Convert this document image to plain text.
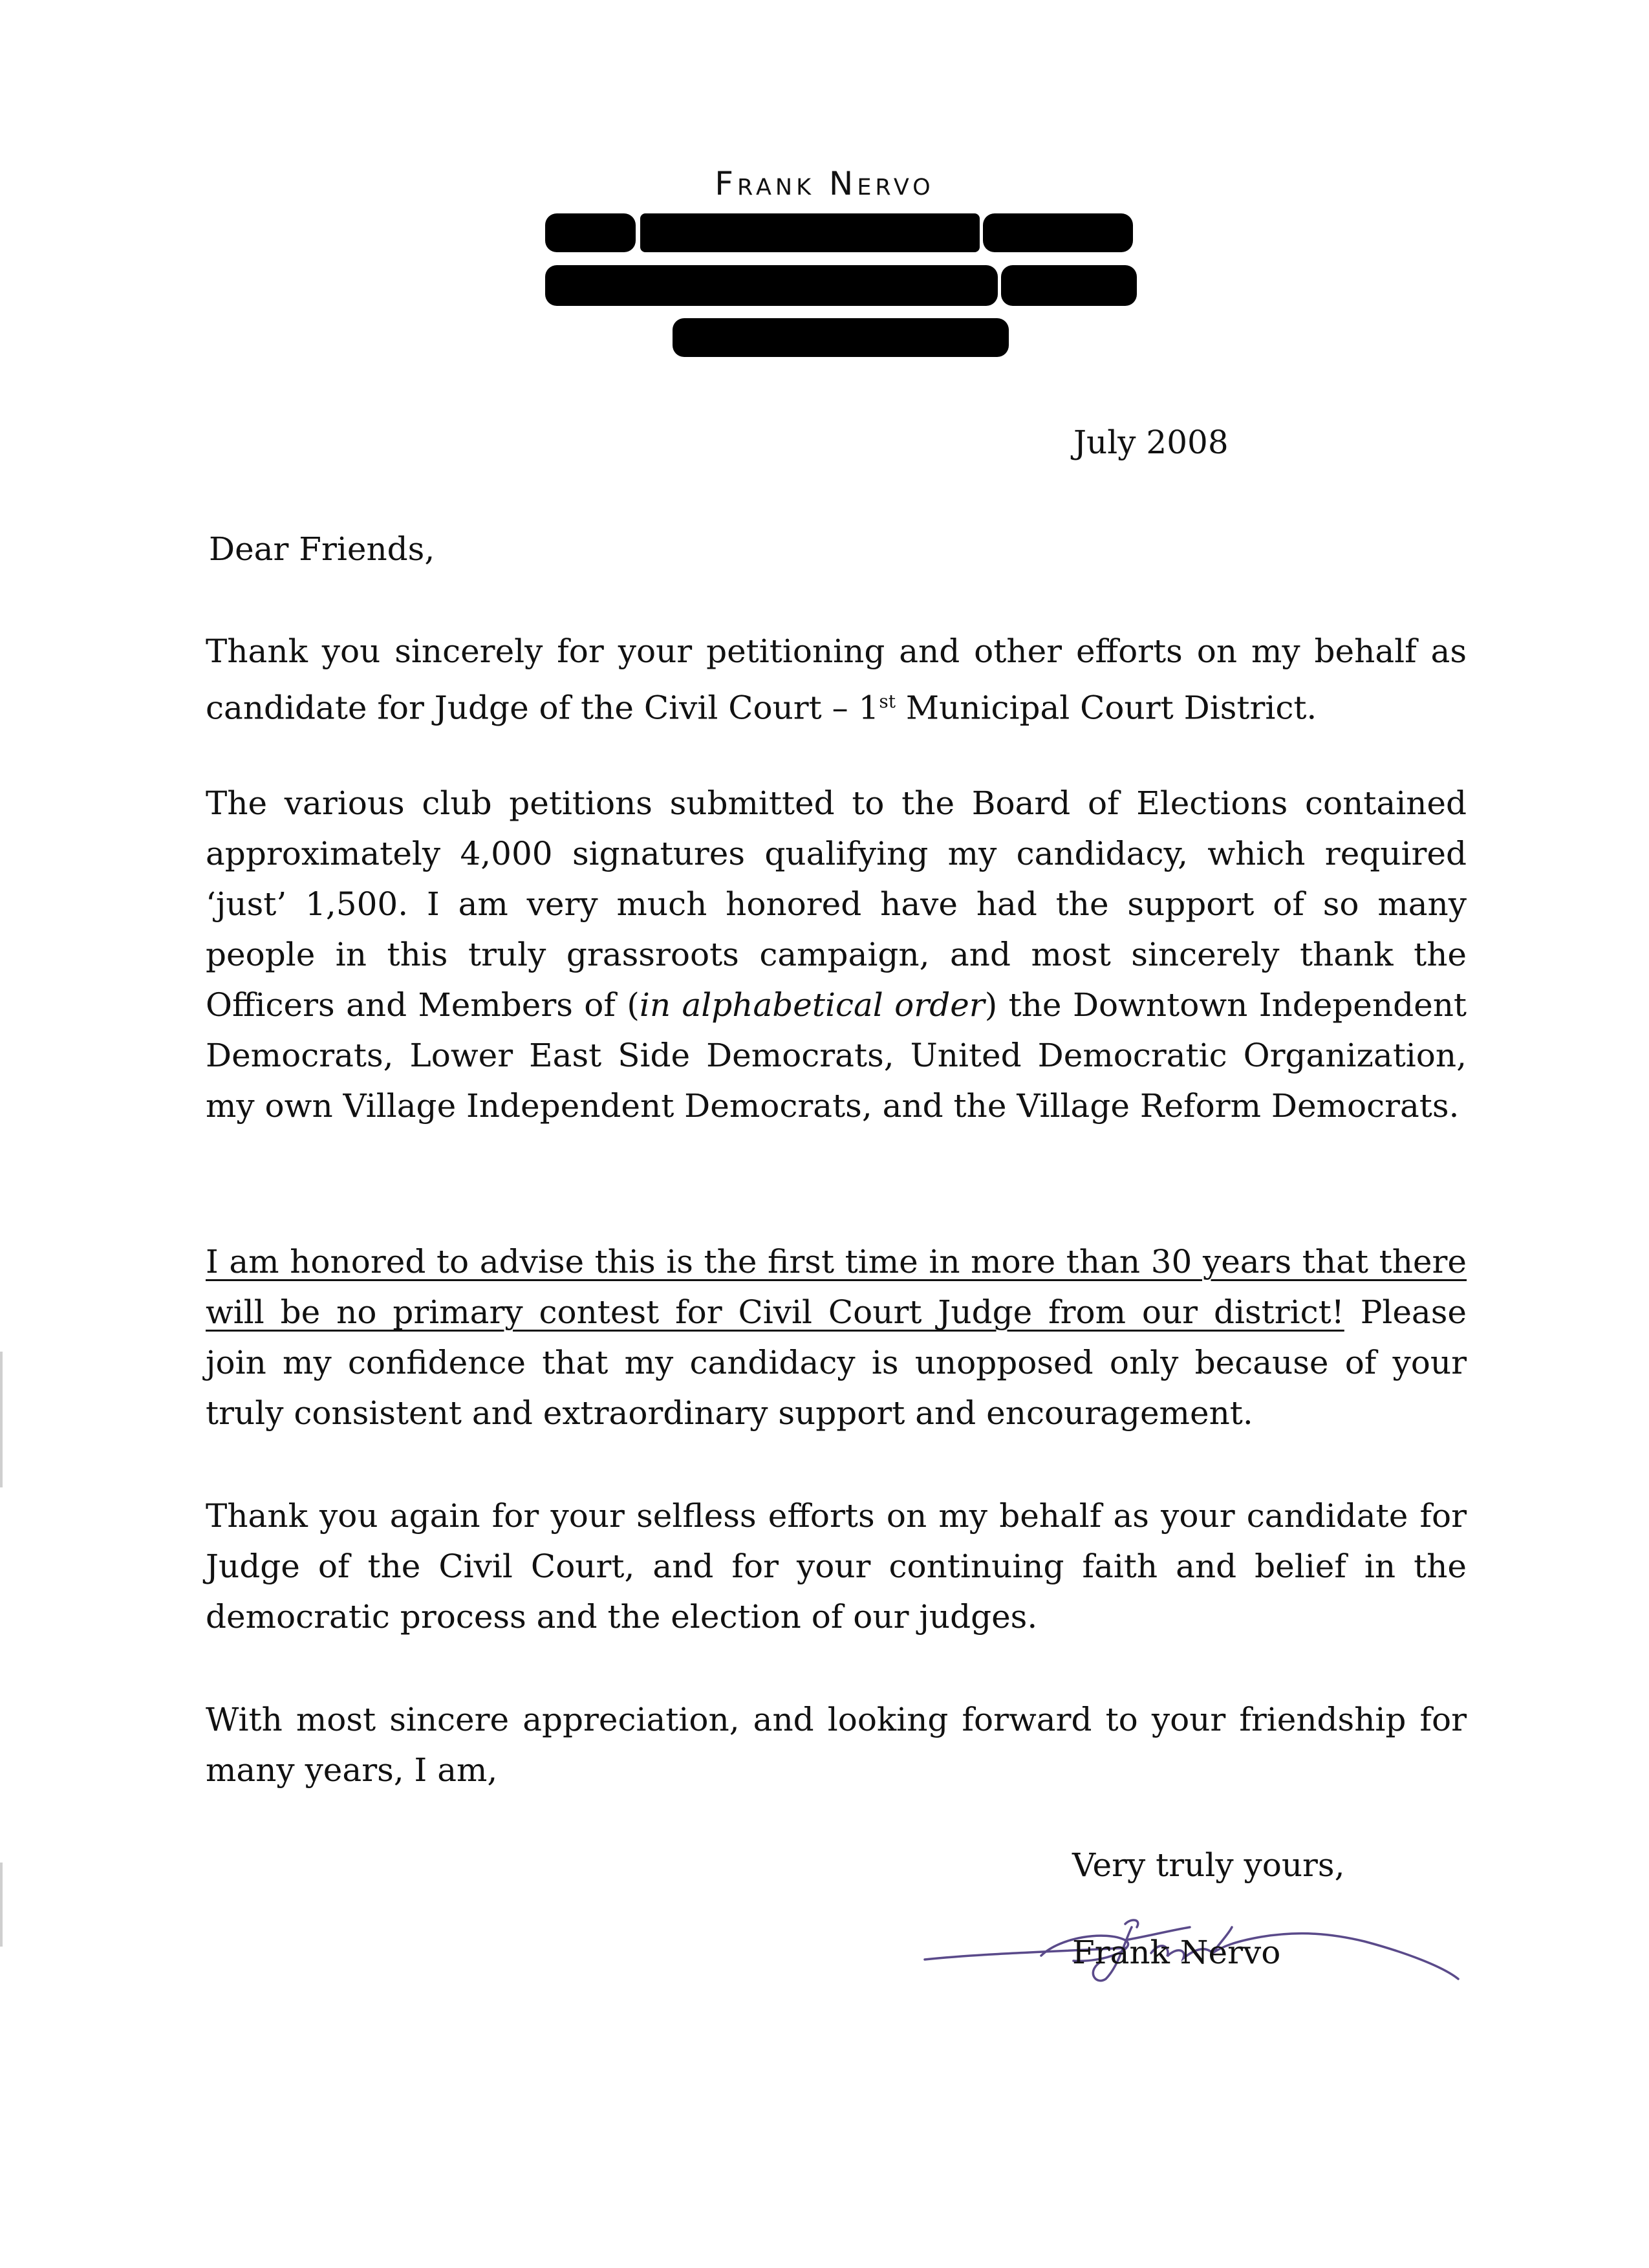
Frank Nervo
July 2008
Dear Friends,

Thank you sincerely for your petitioning and other efforts on my behalf as candidate for Judge of the Civil Court – 1st Municipal Court District.

The various club petitions submitted to the Board of Elections contained approximately 4,000 signatures qualifying my candidacy, which required ‘just’ 1,500. I am very much honored have had the support of so many people in this truly grassroots campaign, and most sincerely thank the Officers and Members of (in alphabetical order) the Downtown Independent Democrats, Lower East Side Democrats, United Democratic Organization, my own Village Independent Democrats, and the Village Reform Democrats.

I am honored to advise this is the first time in more than 30 years that there will be no primary contest for Civil Court Judge from our district! Please join my confidence that my candidacy is unopposed only because of your truly consistent and extraordinary support and encouragement.

Thank you again for your selfless efforts on my behalf as your candidate for Judge of the Civil Court, and for your continuing faith and belief in the democratic process and the election of our judges.

With most sincere appreciation, and looking forward to your friendship for many years, I am,

Very truly yours,
Frank Nervo
